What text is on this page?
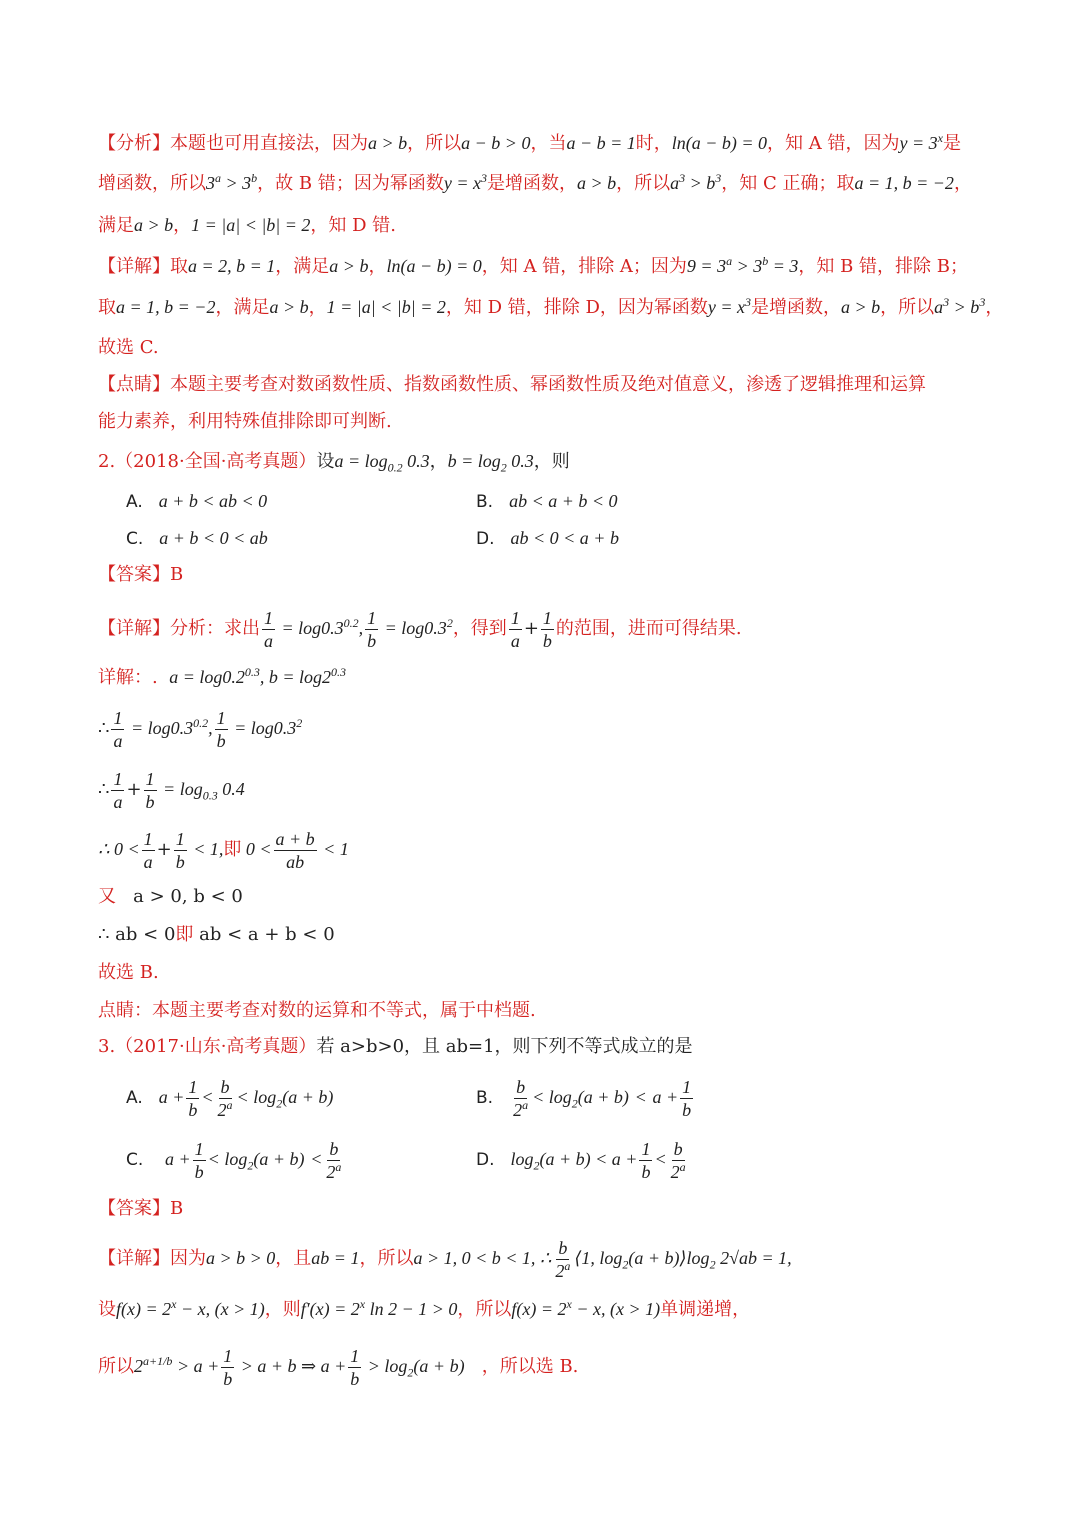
【分析】本题也可用直接法，因为a > b，所以a − b > 0，当a − b = 1时，ln(a − b) = 0，知 A 错，因为$y = 3^x$是
增函数，所以$3^a > 3^b$，故 B 错；因为幂函数$y = x^3$是增函数，a > b，所以$a^3 > b^3$，知 C 正确；取a = 1, b = −2，
满足a > b，1 = |a| < |b| = 2，知 D 错.
【详解】取a = 2, b = 1，满足a > b，ln(a − b) = 0，知 A 错，排除 A；因为$9 = 3^a > 3^b = 3$，知 B 错，排除 B；
取a = 1, b = −2，满足a > b，1 = |a| < |b| = 2，知 D 错，排除 D，因为幂函数$y = x^3$是增函数，a > b，所以$a^3 > b^3$，
故选 C.
【点睛】本题主要考查对数函数性质、指数函数性质、幂函数性质及绝对值意义，渗透了逻辑推理和运算
能力素养，利用特殊值排除即可判断.
2.（2018·全国·高考真题）设$a = \log_{0.2} 0.3$，$b = \log_2 0.3$，则
A. a + b < ab < 0	B. ab < a + b < 0
C. a + b < 0 < ab	D. ab < 0 < a + b
【答案】B
【详解】分析：求出 $\frac{1}{a} = \log 0.3^{0.2}$, $\frac{1}{b} = \log 0.3^2$，得到 $\frac{1}{a} + \frac{1}{b}$ 的范围，进而可得结果.
详解：. $a = \log 0.2^{0.3}$, $b = \log 2^{0.3}$
∴ $\frac{1}{a} = \log 0.3^{0.2}$, $\frac{1}{b} = \log 0.3^2$
∴ $\frac{1}{a} + \frac{1}{b} = \log_{0.3} 0.4$
∴ $0 < \frac{1}{a} + \frac{1}{b} < 1$,即 $0 < \frac{a + b}{ab} < 1$
又 a > 0, b < 0
∴ ab < 0即 ab < a + b < 0
故选 B.
点睛：本题主要考查对数的运算和不等式，属于中档题.
3.（2017·山东·高考真题）若 a>b>0，且 ab=1，则下列不等式成立的是
A. $a + \frac{1}{b} < \frac{b}{2^a} < \log_2(a + b)$	B. $\frac{b}{2^a} < \log_2(a + b) < a + \frac{1}{b}$
C. $a + \frac{1}{b} < \log_2(a + b) < \frac{b}{2^a}$	D. $\log_2(a + b) < a + \frac{1}{b} < \frac{b}{2^a}$
【答案】B
【详解】因为a > b > 0，且ab = 1，所以a > 1, 0 < b < 1, ∴ $\frac{b}{2^a}$ ⟨1, $\log_2(a$ + $b)⟩\log_2$ 2√ab = 1,
设$f(x) = 2^x - x$, (x > 1)，则$f'(x) = 2^x$ ln 2 − 1 > 0，所以$f(x) = 2^x - x$, (x > 1)单调递增，
所以$2^{a+1/b} > a + \frac{1}{b} > a + b$ ⇒ $a + \frac{1}{b} > \log_2(a + b)$ ，所以选 B.
